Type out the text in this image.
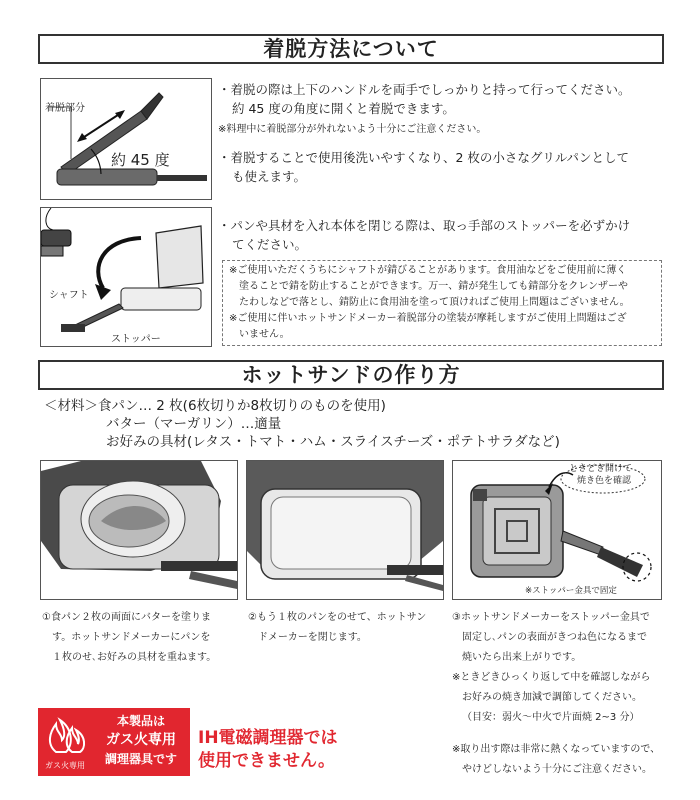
着脱方法について
着脱部分
約 45 度
シャフト
ストッパー
・着脱の際は上下のハンドルを両手でしっかりと持って行ってください。
約 45 度の角度に開くと着脱できます。
※料理中に着脱部分が外れないよう十分にご注意ください。
・着脱することで使用後洗いやすくなり、2 枚の小さなグリルパンとして
も使えます。
・パンや具材を入れ本体を閉じる際は、取っ手部のストッパーを必ずかけ
てください。
※ご使用いただくうちにシャフトが錆びることがあります。食用油などをご使用前に薄く
　塗ることで錆を防止することができます。万一、錆が発生しても錆部分をクレンザーや
　たわしなどで落とし、錆防止に食用油を塗って頂ければご使用上問題はございません。
※ご使用に伴いホットサンドメーカー着脱部分の塗装が摩耗しますがご使用上問題はござ
　いません。
ホットサンドの作り方
＜材料＞食パン… 2 枚(6枚切りか8枚切りのものを使用)
バター（マーガリン）…適量
お好みの具材(レタス・トマト・ハム・スライスチーズ・ポテトサラダなど)
ときどき開けて
焼き色を確認
※ストッパー金具で固定
①食パン２枚の両面にバターを塗りま
す。ホットサンドメーカーにパンを
１枚のせ､お好みの具材を重ねます。
②もう１枚のパンをのせて、ホットサン
ドメーカーを閉じます。
③ホットサンドメーカーをストッパー金具で
固定し､パンの表面がきつね色になるまで
焼いたら出来上がりです。
※ときどきひっくり返して中を確認しながら
お好みの焼き加減で調節してください。
（目安：弱火～中火で片面焼 2~3 分）
※取り出す際は非常に熱くなっていますので、
やけどしないよう十分にご注意ください。
ガス火専用
本製品は
ガス火専用
調理器具です
IH電磁調理器では
使用できません。
